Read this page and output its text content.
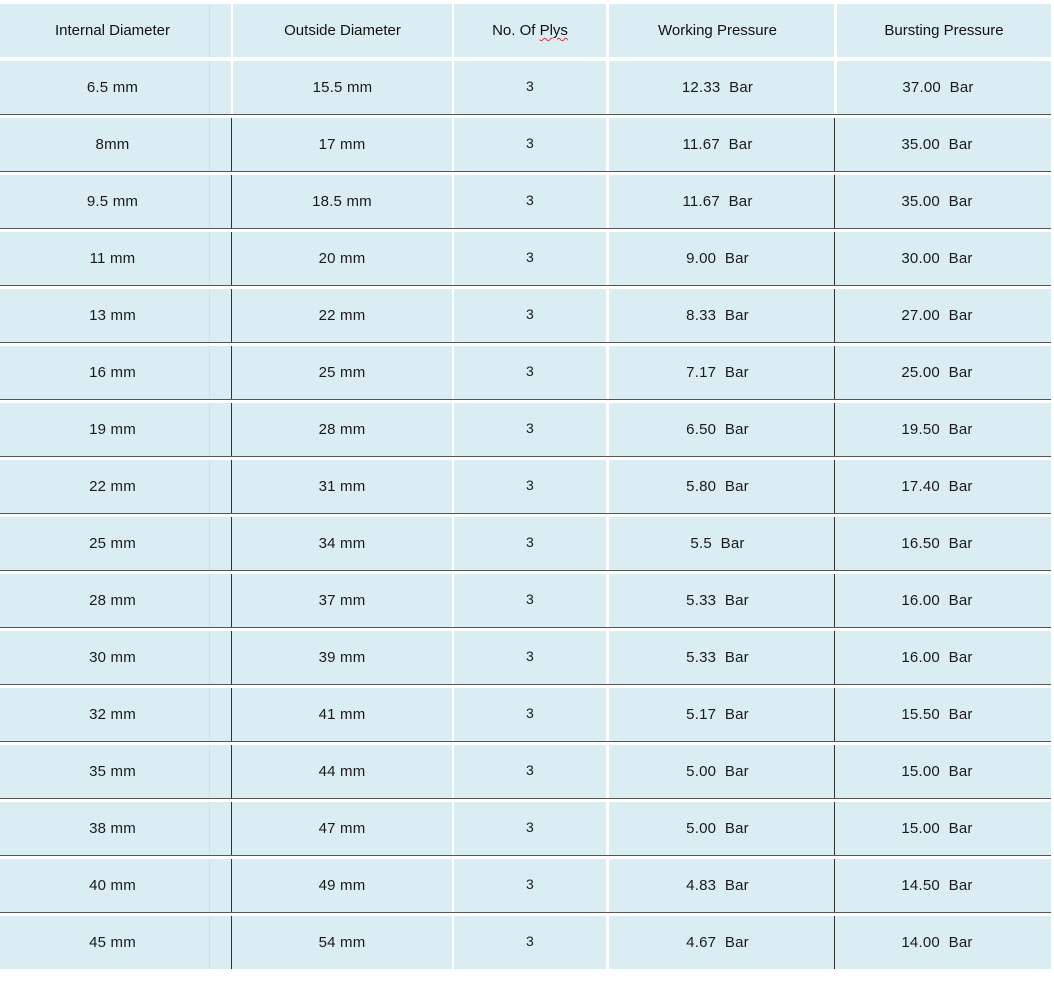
Internal Diameter	Outside Diameter	No. Of Plys	Working Pressure	Bursting Pressure
6.5 mm	15.5 mm	3	12.33  Bar	37.00  Bar
8mm	17 mm	3	11.67  Bar	35.00  Bar
9.5 mm	18.5 mm	3	11.67  Bar	35.00  Bar
11 mm	20 mm	3	9.00  Bar	30.00  Bar
13 mm	22 mm	3	8.33  Bar	27.00  Bar
16 mm	25 mm	3	7.17  Bar	25.00  Bar
19 mm	28 mm	3	6.50  Bar	19.50  Bar
22 mm	31 mm	3	5.80  Bar	17.40  Bar
25 mm	34 mm	3	5.5  Bar	16.50  Bar
28 mm	37 mm	3	5.33  Bar	16.00  Bar
30 mm	39 mm	3	5.33  Bar	16.00  Bar
32 mm	41 mm	3	5.17  Bar	15.50  Bar
35 mm	44 mm	3	5.00  Bar	15.00  Bar
38 mm	47 mm	3	5.00  Bar	15.00  Bar
40 mm	49 mm	3	4.83  Bar	14.50  Bar
45 mm	54 mm	3	4.67  Bar	14.00  Bar
